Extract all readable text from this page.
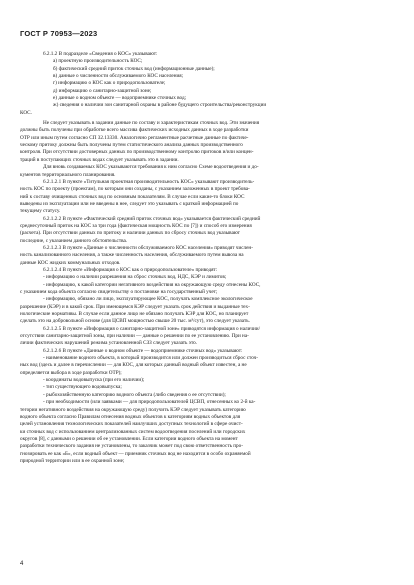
ГОСТ Р 70953—2023
6.2.1.2 В подразделе «Сведения о КОС» указывают:
а) проектную производительность КОС;
б) фактический средний приток сточных вод (информационные данные);
в) данные о численности обслуживаемого КОС населения;
г) информацию о КОС как о природопользователе;
д) информацию о санитарно-защитной зоне;
е) данные о водном объекте — водоприемнике сточных вод;
ж) сведения о наличии зон санитарной охраны в районе будущего строительства/реконструкции
КОС.
Не следует указывать в задании данные по составу и характеристикам сточных вод. Эти значения
должны быть получены при обработке всего массива фактических исходных данных в ходе разработки
ОТР или иным путем согласно СП 32.13330. Аналогично регламентные расчетные данные по фактиче-
ческому притоку должны быть получены путем статистического анализа данных производственного
контроля. При отсутствии достоверных данных по производственному контролю притоков и/или концен-
траций в поступающих сточных водах следует указывать это в задании.
Для вновь создаваемых КОС указываются требования к ним согласно Схеме водоотведения и до-
кументов территориального планирования.
6.2.1.2.1 В пункте «Титульная проектная производительность КОС» указывают производитель-
ность КОС по проекту (проектам), по которым они созданы, с указанием заложенных в проект требова-
ний к составу очищенных сточных вод по основным показателям. В случае если какие-то блоки КОС
выведены из эксплуатации или не введены в нее, следует это указывать с краткой информацией по
текущему статусу.
6.2.1.2.2 В пункте «Фактический средний приток сточных вод» указывается фактический средний
среднесуточный приток на КОС за три года (фактическая мощность КОС по [7]) и способ его измерения
(расчета). При отсутствии данных по притоку и наличии данных по сбросу сточных вод указывают
последние, с указанием данного обстоятельства.
6.2.1.2.3 В пункте «Данные о численности обслуживаемого КОС населения» приводят числен-
ность канализованного населения, а также численность населения, обслуживаемого путем вывоза на
данные КОС жидких коммунальных отходов.
6.2.1.2.4 В пункте «Информация о КОС как о природопользователе» приводят:
- информацию о наличии разрешения на сброс сточных вод, НДС, КЭР и лимитов;
- информацию, к какой категории негативного воздействия на окружающую среду отнесены КОС,
с указанием кода объекта согласно свидетельству о постановке на государственный учет;
- информацию, обязано ли лицо, эксплуатирующее КОС, получать комплексное экологическое
разрешение (КЭР) и в какой срок. При имеющемся КЭР следует указать срок действия и выданные тех-
нологические нормативы. В случае если данное лицо не обязано получать КЭР для КОС, но планирует
сделать это на добровольной основе (для ЦСВП мощностью свыше 20 тыс. м³/сут), это следует указать.
6.2.1.2.5 В пункте «Информация о санитарно-защитной зоне» приводятся информация о наличии/
отсутствии санитарно-защитной зоны, при наличии — данные о решении по ее установлению. При на-
личии фактических нарушений режима установленной СЗЗ следует указать это.
6.2.1.2.6 В пункте «Данные о водном объекте — водоприемнике сточных вод» указывают:
- наименование водного объекта, в который производится или должен производиться сброс сточ-
ных вод (здесь и далее в перечислении — для КОС, для которых данный водный объект известен, а не
определяется выбора в ходе разработки ОТР);
- координаты водовыпуска (при его наличии);
- тип существующего водовыпуска;
- рыбохозяйственную категорию водного объекта (либо сведения о ее отсутствии);
- при необходимости (или заявками — для природопользователей ЦСВП, отнесенных ко 2-й ка-
тегории негативного воздействия на окружающую среду) получить КЭР следует указывать категорию
водного объекта согласно Правилам отнесения водных объектов к категориям водных объектов для
целей установления технологических показателей наилучших доступных технологий в сфере очист-
ки сточных вод с использованием централизованных систем водоотведения поселений или городских
округов [8], с данными о решении об ее установлении. Если категории водного объекта на момент
разработки технического задания не установлены, то заказчик может под свою ответственность про-
гнозировать ее как «Б», если водный объект — приемник сточных вод не находится в особо охраняемой
природной территории или в ее охранной зоне;
4
